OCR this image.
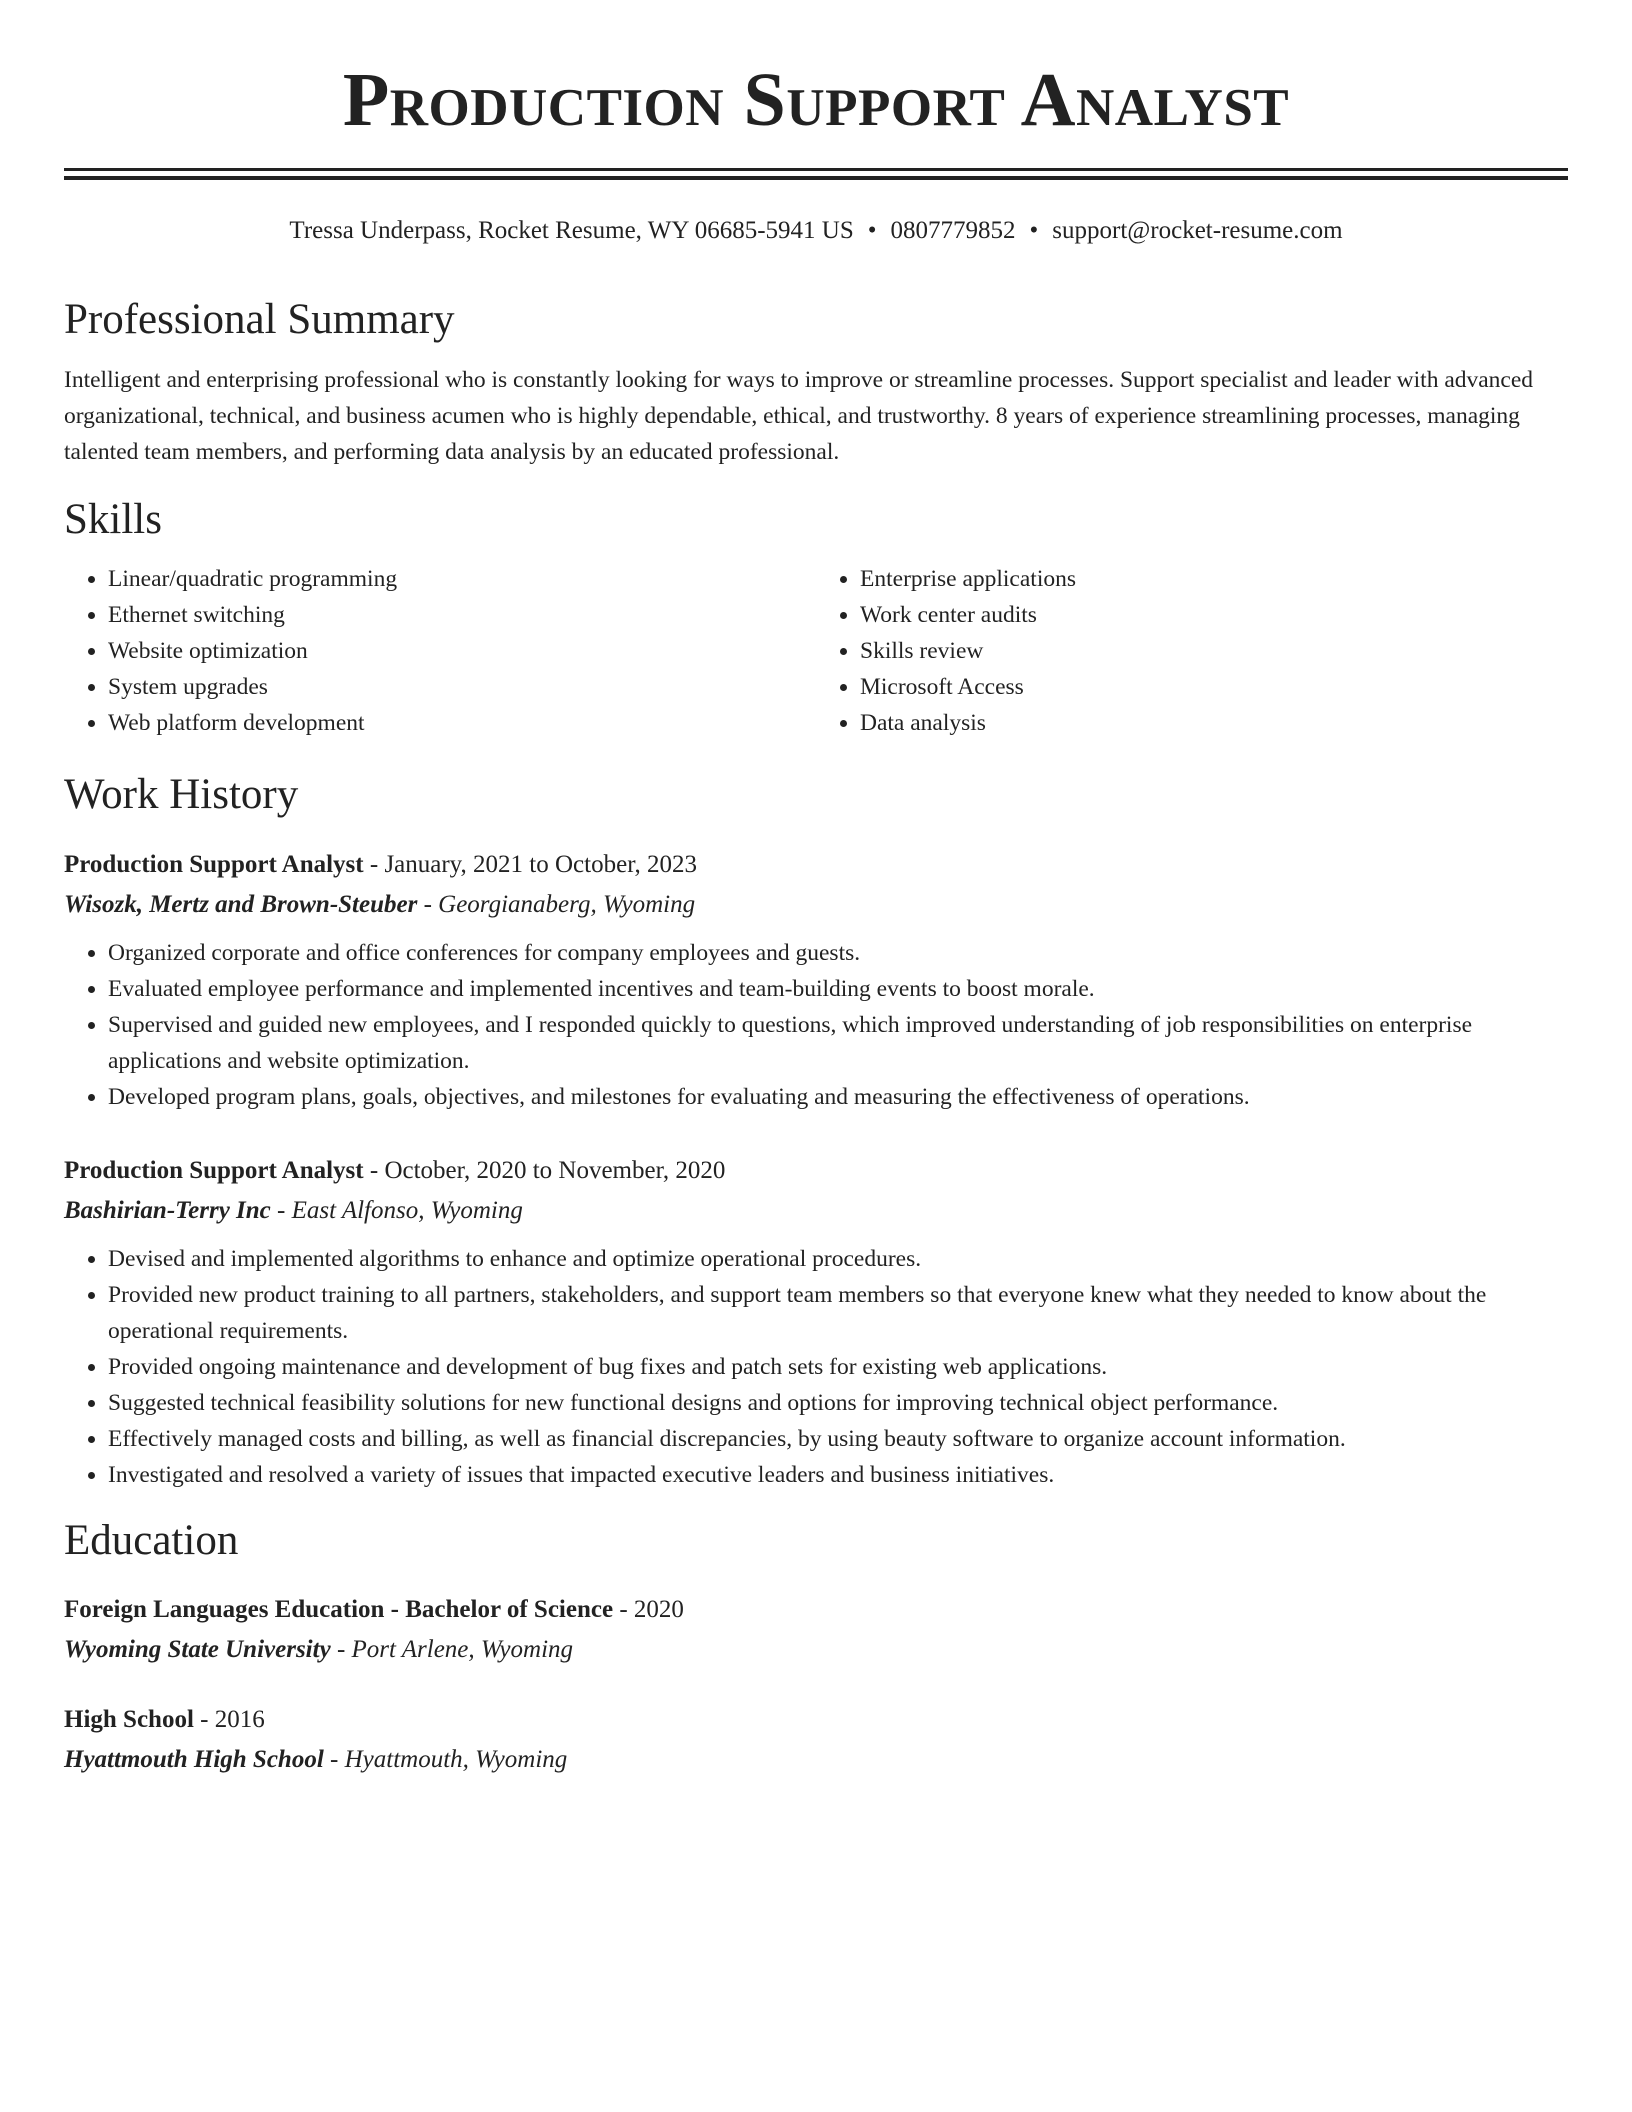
Production Support Analyst
Tressa Underpass, Rocket Resume, WY 06685-5941 US • 0807779852 • support@rocket-resume.com
Professional Summary
Intelligent and enterprising professional who is constantly looking for ways to improve or streamline processes. Support specialist and leader with advanced organizational, technical, and business acumen who is highly dependable, ethical, and trustworthy. 8 years of experience streamlining processes, managing talented team members, and performing data analysis by an educated professional.
Skills
• Linear/quadratic programming
• Ethernet switching
• Website optimization
• System upgrades
• Web platform development
• Enterprise applications
• Work center audits
• Skills review
• Microsoft Access
• Data analysis
Work History
Production Support Analyst - January, 2021 to October, 2023
Wisozk, Mertz and Brown-Steuber - Georgianaberg, Wyoming
• Organized corporate and office conferences for company employees and guests.
• Evaluated employee performance and implemented incentives and team-building events to boost morale.
• Supervised and guided new employees, and I responded quickly to questions, which improved understanding of job responsibilities on enterprise applications and website optimization.
• Developed program plans, goals, objectives, and milestones for evaluating and measuring the effectiveness of operations.
Production Support Analyst - October, 2020 to November, 2020
Bashirian-Terry Inc - East Alfonso, Wyoming
• Devised and implemented algorithms to enhance and optimize operational procedures.
• Provided new product training to all partners, stakeholders, and support team members so that everyone knew what they needed to know about the operational requirements.
• Provided ongoing maintenance and development of bug fixes and patch sets for existing web applications.
• Suggested technical feasibility solutions for new functional designs and options for improving technical object performance.
• Effectively managed costs and billing, as well as financial discrepancies, by using beauty software to organize account information.
• Investigated and resolved a variety of issues that impacted executive leaders and business initiatives.
Education
Foreign Languages Education - Bachelor of Science - 2020
Wyoming State University - Port Arlene, Wyoming
High School - 2016
Hyattmouth High School - Hyattmouth, Wyoming
